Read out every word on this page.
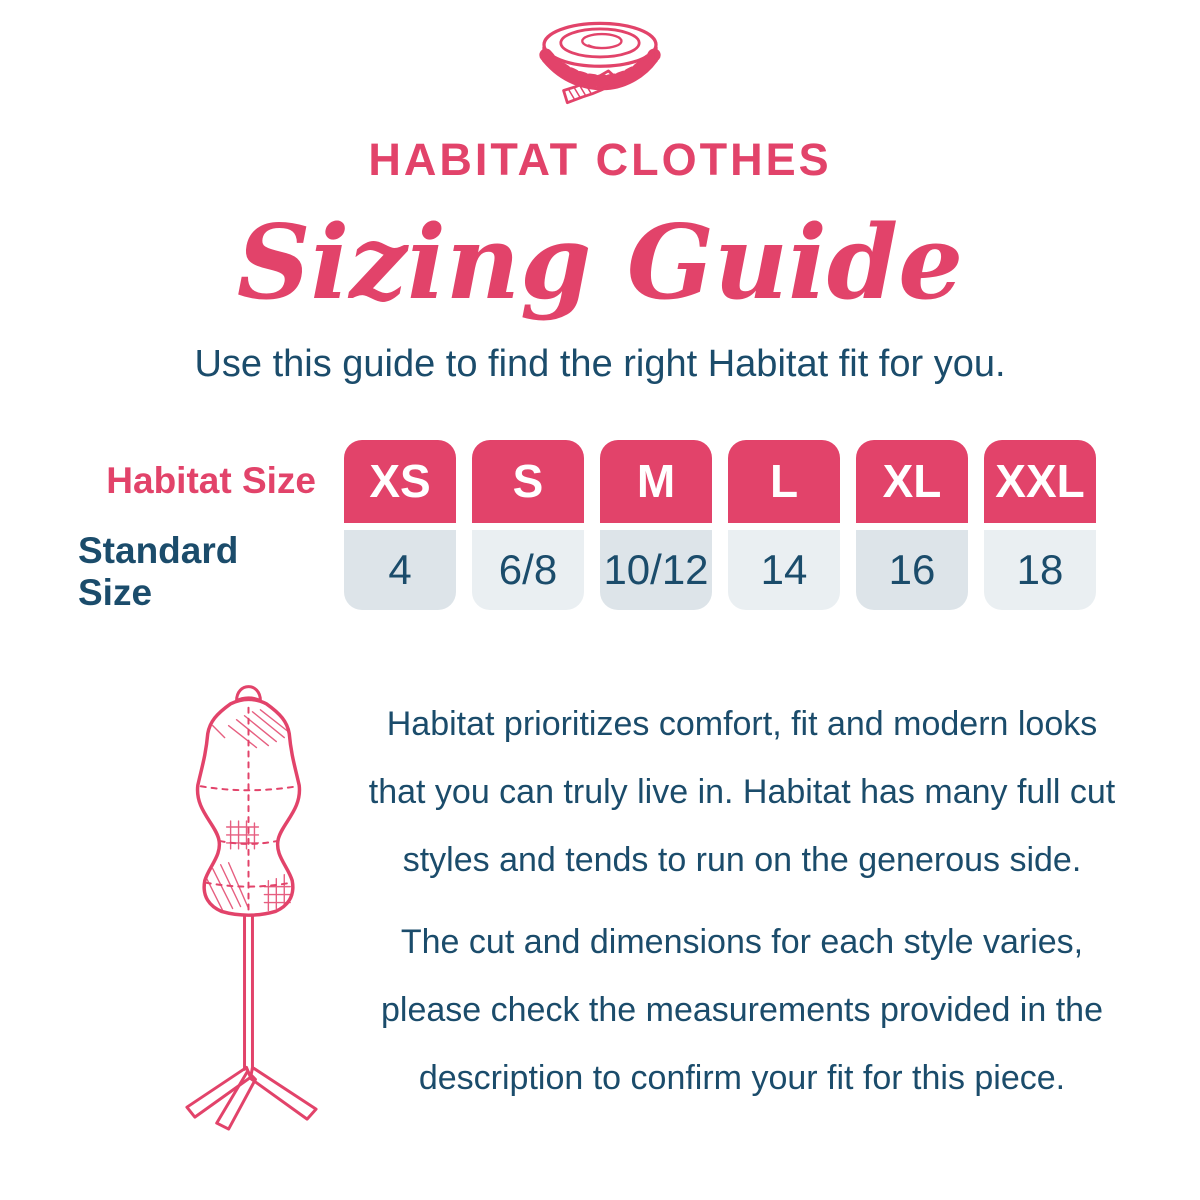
HABITAT CLOTHES
Sizing Guide
Use this guide to find the right Habitat fit for you.
Habitat Size	XS	S	M	L	XL	XXL
Standard Size	4	6/8	10/12	14	16	18
Habitat prioritizes comfort, fit and modern looks
that you can truly live in. Habitat has many full cut
styles and tends to run on the generous side.
The cut and dimensions for each style varies,
please check the measurements provided in the
description to confirm your fit for this piece.
